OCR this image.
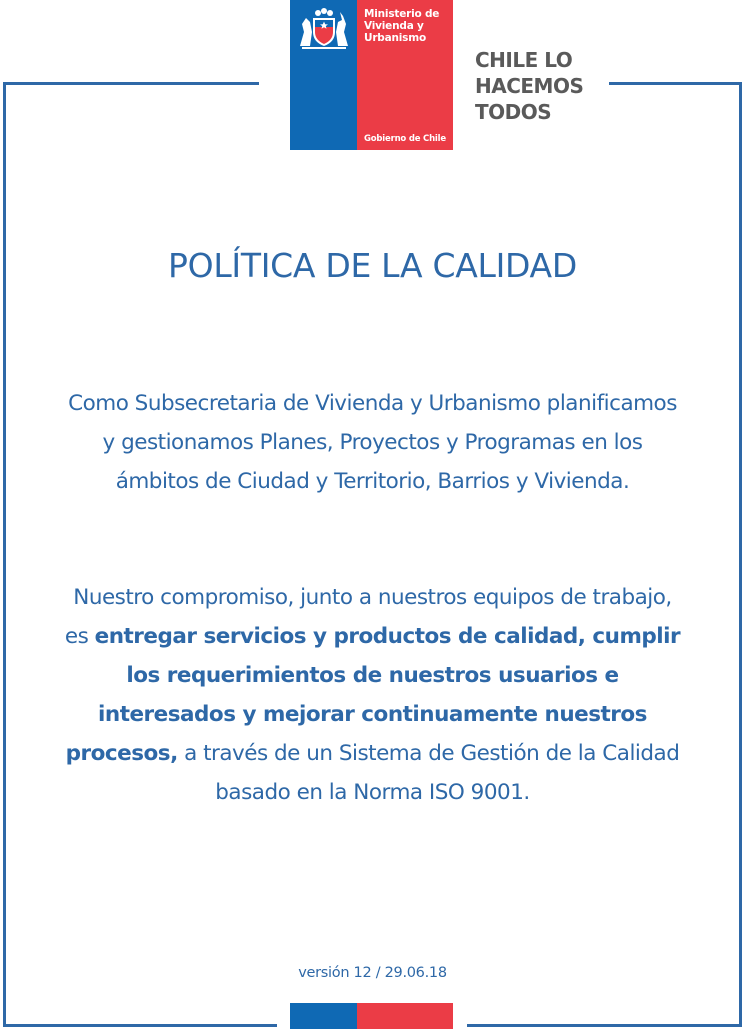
Ministerio de
Vivienda y
Urbanismo
Gobierno de Chile
CHILE LO
HACEMOS
TODOS
POLÍTICA DE LA CALIDAD
Como Subsecretaria de Vivienda y Urbanismo planificamos y gestionamos Planes, Proyectos y Programas en los ámbitos de Ciudad y Territorio, Barrios y Vivienda.
Nuestro compromiso, junto a nuestros equipos de trabajo, es entregar servicios y productos de calidad, cumplir los requerimientos de nuestros usuarios e interesados y mejorar continuamente nuestros procesos, a través de un Sistema de Gestión de la Calidad basado en la Norma ISO 9001.
versión 12 / 29.06.18
